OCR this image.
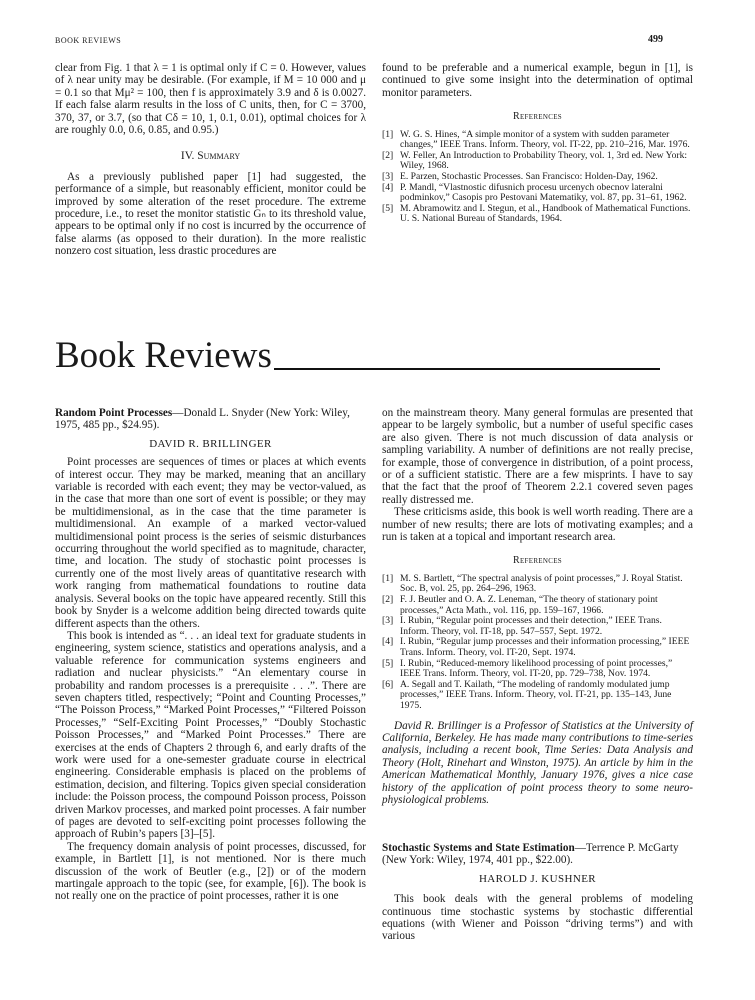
BOOK REVIEWS	499

clear from Fig. 1 that λ = 1 is optimal only if C = 0. However, values of λ near unity may be desirable. (For example, if M = 10 000 and μ = 0.1 so that Mμ² = 100, then f is approximately 3.9 and δ is 0.0027. If each false alarm results in the loss of C units, then, for C = 3700, 370, 37, or 3.7, (so that Cδ = 10, 1, 0.1, 0.01), optimal choices for λ are roughly 0.0, 0.6, 0.85, and 0.95.)

IV. Summary

As a previously published paper [1] had suggested, the performance of a simple, but reasonably efficient, monitor could be improved by some alteration of the reset procedure. The extreme procedure, i.e., to reset the monitor statistic Gₙ to its threshold value, appears to be optimal only if no cost is incurred by the occurrence of false alarms (as opposed to their duration). In the more realistic nonzero cost situation, less drastic procedures are

found to be preferable and a numerical example, begun in [1], is continued to give some insight into the determination of optimal monitor parameters.

References
[1] W. G. S. Hines, “A simple monitor of a system with sudden parameter changes,” IEEE Trans. Inform. Theory, vol. IT-22, pp. 210–216, Mar. 1976.
[2] W. Feller, An Introduction to Probability Theory, vol. 1, 3rd ed. New York: Wiley, 1968.
[3] E. Parzen, Stochastic Processes. San Francisco: Holden-Day, 1962.
[4] P. Mandl, “Vlastnostic difusnich procesu urcenych obecnov lateralni podminkov,” Casopis pro Pestovani Matematiky, vol. 87, pp. 31–61, 1962.
[5] M. Abramowitz and I. Stegun, et al., Handbook of Mathematical Functions. U. S. National Bureau of Standards, 1964.
Book Reviews
Random Point Processes—Donald L. Snyder (New York: Wiley, 1975, 485 pp., $24.95).
DAVID R. BRILLINGER

Point processes are sequences of times or places at which events of interest occur. They may be marked, meaning that an ancillary variable is recorded with each event; they may be vector-valued, as in the case that more than one sort of event is possible; or they may be multidimensional, as in the case that the time parameter is multidimensional. An example of a marked vector-valued multidimensional point process is the series of seismic disturbances occurring throughout the world specified as to magnitude, character, time, and location. The study of stochastic point processes is currently one of the most lively areas of quantitative research with work ranging from mathematical foundations to routine data analysis. Several books on the topic have appeared recently. Still this book by Snyder is a welcome addition being directed towards quite different aspects than the others.

This book is intended as “. . . an ideal text for graduate students in engineering, system science, statistics and operations analysis, and a valuable reference for communication systems engineers and radiation and nuclear physicists.” “An elementary course in probability and random processes is a prerequisite . . .”. There are seven chapters titled, respectively; “Point and Counting Processes,” “The Poisson Process,” “Marked Point Processes,” “Filtered Poisson Processes,” “Self-Exciting Point Processes,” “Doubly Stochastic Poisson Processes,” and “Marked Point Processes.” There are exercises at the ends of Chapters 2 through 6, and early drafts of the work were used for a one-semester graduate course in electrical engineering. Considerable emphasis is placed on the problems of estimation, decision, and filtering. Topics given special consideration include: the Poisson process, the compound Poisson process, Poisson driven Markov processes, and marked point processes. A fair number of pages are devoted to self-exciting point processes following the approach of Rubin’s papers [3]–[5].

The frequency domain analysis of point processes, discussed, for example, in Bartlett [1], is not mentioned. Nor is there much discussion of the work of Beutler (e.g., [2]) or of the modern martingale approach to the topic (see, for example, [6]). The book is not really one on the practice of point processes, rather it is one

on the mainstream theory. Many general formulas are presented that appear to be largely symbolic, but a number of useful specific cases are also given. There is not much discussion of data analysis or sampling variability. A number of definitions are not really precise, for example, those of convergence in distribution, of a point process, or of a sufficient statistic. There are a few misprints. I have to say that the fact that the proof of Theorem 2.2.1 covered seven pages really distressed me.

These criticisms aside, this book is well worth reading. There are a number of new results; there are lots of motivating examples; and a run is taken at a topical and important research area.

References
[1] M. S. Bartlett, “The spectral analysis of point processes,” J. Royal Statist. Soc. B, vol. 25, pp. 264–296, 1963.
[2] F. J. Beutler and O. A. Z. Leneman, “The theory of stationary point processes,” Acta Math., vol. 116, pp. 159–167, 1966.
[3] I. Rubin, “Regular point processes and their detection,” IEEE Trans. Inform. Theory, vol. IT-18, pp. 547–557, Sept. 1972.
[4] I. Rubin, “Regular jump processes and their information processing,” IEEE Trans. Inform. Theory, vol. IT-20, Sept. 1974.
[5] I. Rubin, “Reduced-memory likelihood processing of point processes,” IEEE Trans. Inform. Theory, vol. IT-20, pp. 729–738, Nov. 1974.
[6] A. Segall and T. Kailath, “The modeling of randomly modulated jump processes,” IEEE Trans. Inform. Theory, vol. IT-21, pp. 135–143, June 1975.

David R. Brillinger is a Professor of Statistics at the University of California, Berkeley. He has made many contributions to time-series analysis, including a recent book, Time Series: Data Analysis and Theory (Holt, Rinehart and Winston, 1975). An article by him in the American Mathematical Monthly, January 1976, gives a nice case history of the application of point process theory to some neuro-physiological problems.

Stochastic Systems and State Estimation—Terrence P. McGarty (New York: Wiley, 1974, 401 pp., $22.00).
HAROLD J. KUSHNER

This book deals with the general problems of modeling continuous time stochastic systems by stochastic differential equations (with Wiener and Poisson “driving terms”) and with various
